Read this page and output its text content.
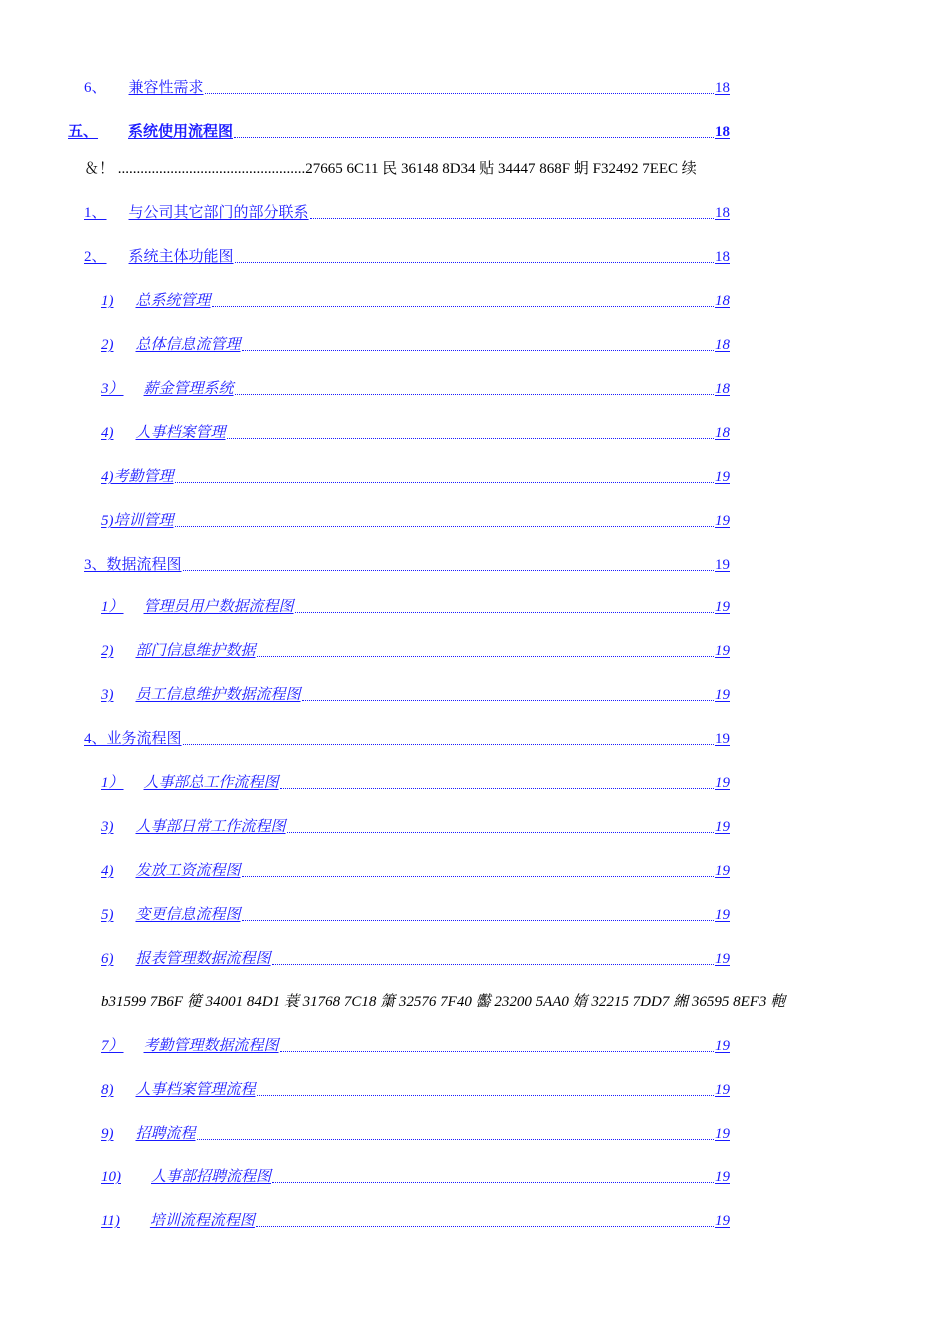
6、 兼容性需求	18
五、 系统使用流程图	18
1、 与公司其它部门的部分联系	18
2、 系统主体功能图	18
1) 总系统管理	18
2) 总体信息流管理	18
3） 薪金管理系统	18
4) 人事档案管理	18
4) 考勤管理	19
5) 培训管理	19
3、 数据流程图	19
1） 管理员用户数据流程图	19
2) 部门信息维护数据	19
3) 员工信息维护数据流程图	19
4、 业务流程图	19
1） 人事部总工作流程图	19
3) 人事部日常工作流程图	19
4) 发放工资流程图	19
5) 变更信息流程图	19
6) 报表管理数据流程图	19
7） 考勤管理数据流程图	19
8) 人事档案管理流程	19
9) 招聘流程	19
10) 人事部招聘流程图	19
11) 培训流程流程图	19
＆！ ..................................................27665 6C11 民 36148 8D34 贴 34447 868F 蚏 F32492 7EEC 续
b31599 7B6F 箯 34001 84D1 蓑 31768 7C18 簘 32576 7F40 齾 23200 5AA0 媠 32215 7DD7 緗 36595 8EF3 軳
